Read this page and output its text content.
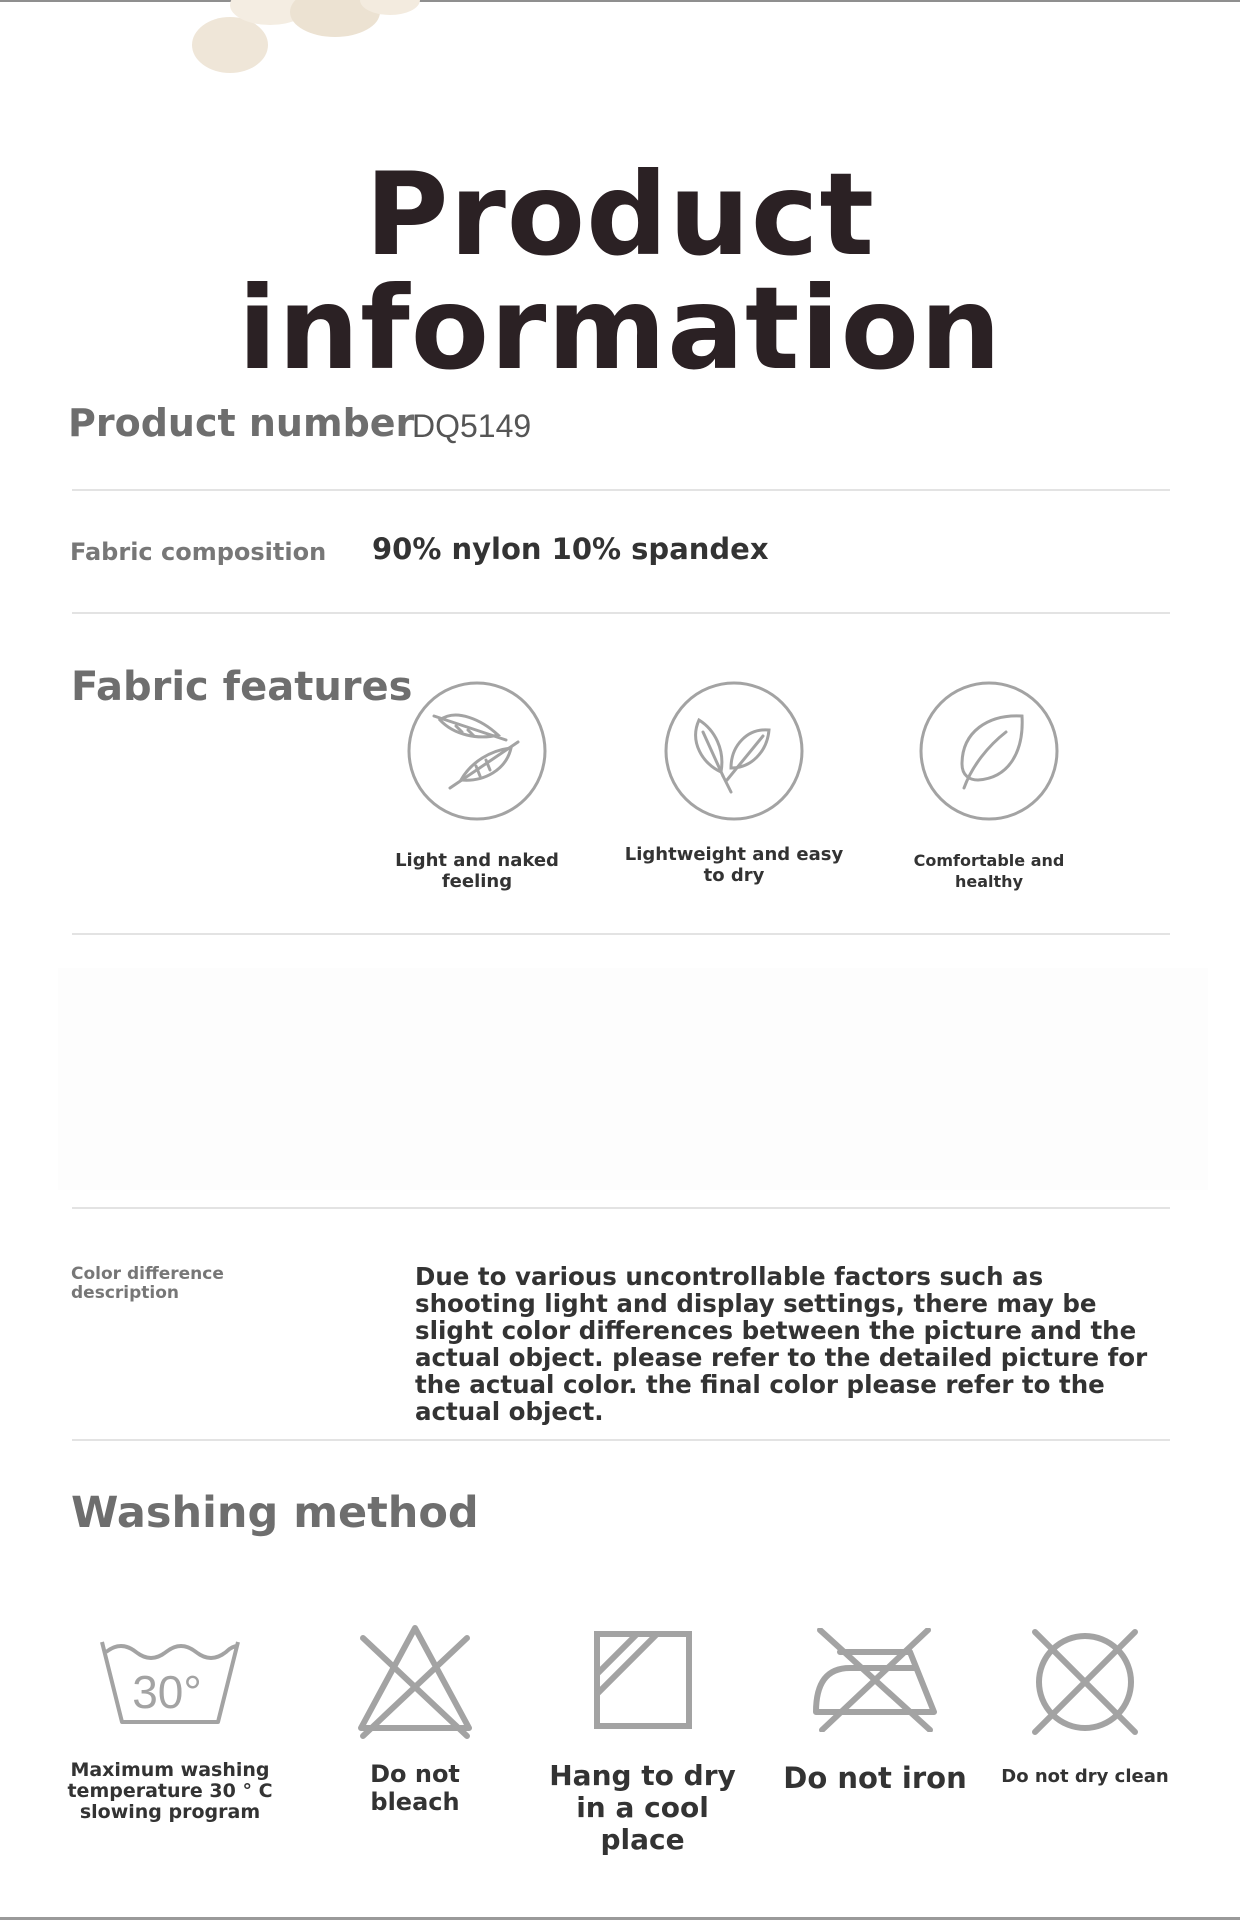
Product information
Product number
DQ5149
Fabric composition 90% nylon 10% spandex
Fabric features
Light and naked feeling
Lightweight and easy to dry
Comfortable and healthy
Color difference description
Due to various uncontrollable factors such as shooting light and display settings, there may be slight color differences between the picture and the actual object. please refer to the detailed picture for the actual color. the final color please refer to the actual object.
Washing method
30°
Maximum washing temperature 30 ° C slowing program
Do not bleach
Hang to dry in a cool place
Do not iron	Do not dry clean
